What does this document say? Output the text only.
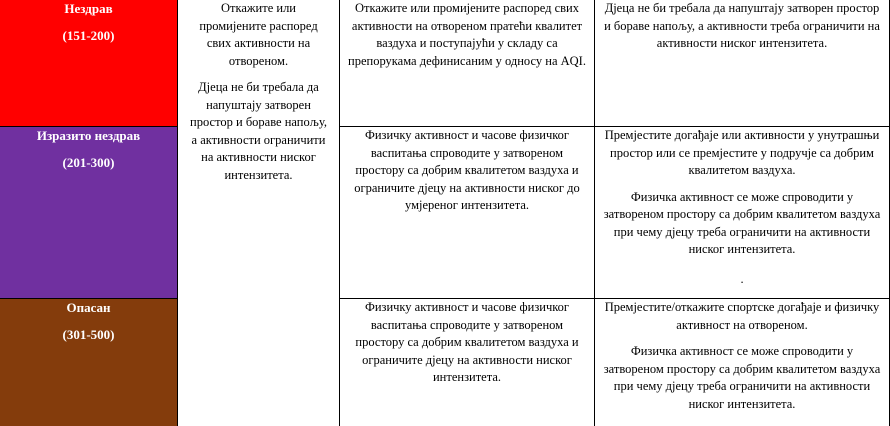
Нездрав

(151-200)

Изразито нездрав

(201-300)

Опасан

(301-500)

Откажите или промијените распоред свих активности на отвореном.

Дјеца не би требала да напуштају затворен простор и бораве напољу, а активности ограничити на активности ниског интензитета.

Откажите или промијените распоред свих активности на отвореном пратећи квалитет ваздуха и поступајући у складу са препорукама дефинисаним у односу на AQI.

Физичку активност и часове физичког васпитања спроводите у затвореном простору са добрим квалитетом ваздуха и ограничите дјецу на активности ниског до умјереног интензитета.

Физичку активност и часове физичког васпитања спроводите у затвореном простору са добрим квалитетом ваздуха и ограничите дјецу на активности ниског интензитета.

Дјеца не би требала да напуштају затворен простор и бораве напољу, а активности треба ограничити на активности ниског интензитета.

Премјестите догађаје или активности у унутрашњи простор или се премјестите у подручје са добрим квалитетом ваздуха.

Физичка активност се може спроводити у затвореном простору са добрим квалитетом ваздуха при чему дјецу треба ограничити на активности ниског интензитета.

.

Премјестите/откажите спортске догађаје и физичку активност на отвореном.

Физичка активност се може спроводити у затвореном простору са добрим квалитетом ваздуха при чему дјецу треба ограничити на активности ниског интензитета.
